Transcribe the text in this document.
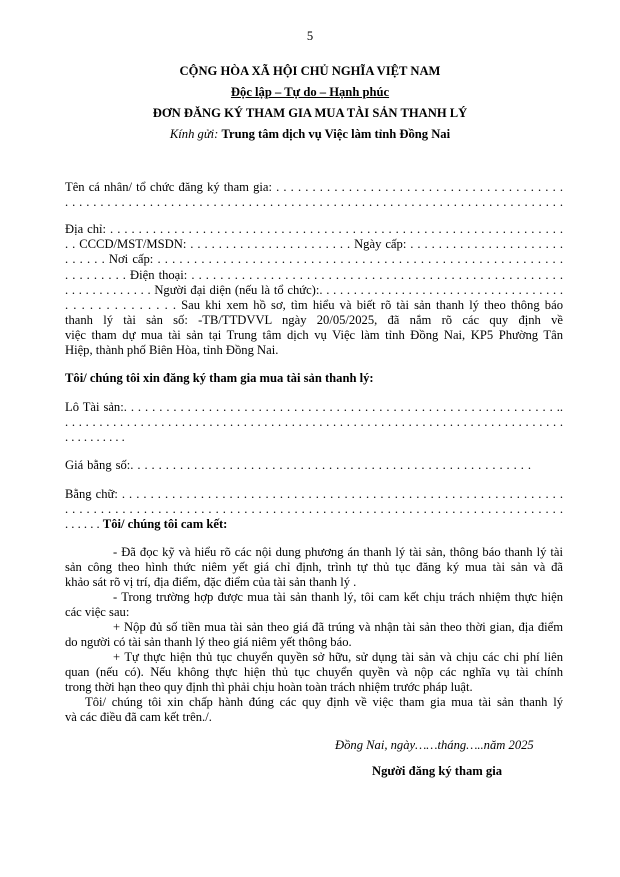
5
CỘNG HÒA XÃ HỘI CHỦ NGHĨA VIỆT NAM
Độc lập – Tự do – Hạnh phúc
ĐƠN ĐĂNG KÝ THAM GIA MUA TÀI SẢN THANH LÝ
Kính gửi: Trung tâm dịch vụ Việc làm tỉnh Đồng Nai
Tên cá nhân/ tổ chức đăng ký tham gia: . . . . . . . . . . . . . . . . . . . . . . . . . . . . . . . . . . . . . . . .
. . . . . . . . . . . . . . . . . . . . . . . . . . . . . . . . . . . . . . . . . . . . . . . . . . . . . . . . . . . . . . . . . . . . . . .
Địa chỉ: . . . . . . . . . . . . . . . . . . . . . . . . . . . . . . . . . . . . . . . . . . . . . . . . . . . . . . . . . . . . . . . .
. . CCCD/MST/MSDN: . . . . . . . . . . . . . . . . . . . . . . . Ngày cấp: . . . . . . . . . . . . . . . . . . . . . .
. . . . . . Nơi cấp: . . . . . . . . . . . . . . . . . . . . . . . . . . . . . . . . . . . . . . . . . . . . . . . . . . . . . . . .
. . . . . . . . . Điện thoại: . . . . . . . . . . . . . . . . . . . . . . . . . . . . . . . . . . . . . . . . . . . . . . . . . . . .
. . . . . . . . . . . . . Người đại diện (nếu là tổ chức):. . . . . . . . . . . . . . . . . . . . . . . . . . . . . . . . . . . .
. . . . . . . . . . . . . . Sau khi xem hồ sơ, tìm hiểu và biết rõ tài sản thanh lý theo thông báo
thanh lý tài sản số: -TB/TTDVVL ngày 20/05/2025, đã nắm rõ các quy định về
việc tham dự mua tài sản tại Trung tâm dịch vụ Việc làm tỉnh Đồng Nai, KP5 Phường Tân
Hiệp, thành phố Biên Hòa, tỉnh Đồng Nai.
Tôi/ chúng tôi xin đăng ký tham gia mua tài sản thanh lý:
Lô Tài sản:. . . . . . . . . . . . . . . . . . . . . . . . . . . . . . . . . . . . . . . . . . . . . . . . . . . . . . . . . . . . . ..
. . . . . . . . . . . . . . . . . . . . . . . . . . . . . . . . . . . . . . . . . . . . . . . . . . . . . . . . . . . . . . . . . . . . . . . . .
. . . . . . . . . .
Giá bằng số:. . . . . . . . . . . . . . . . . . . . . . . . . . . . . . . . . . . . . . . . . . . . . . . . . . . . . . . . .
Bằng chữ: . . . . . . . . . . . . . . . . . . . . . . . . . . . . . . . . . . . . . . . . . . . . . . . . . . . . . . . . . . . . . .
. . . . . . . . . . . . . . . . . . . . . . . . . . . . . . . . . . . . . . . . . . . . . . . . . . . . . . . . . . . . . . . . . . . . . .
. . . . . . Tôi/ chúng tôi cam kết:
- Đã đọc kỹ và hiểu rõ các nội dung phương án thanh lý tài sản, thông báo thanh lý tài
sản công theo hình thức niêm yết giá chỉ định, trình tự thủ tục đăng ký mua tài sản và đã
khảo sát rõ vị trí, địa điểm, đặc điểm của tài sản thanh lý .
- Trong trường hợp được mua tài sản thanh lý, tôi cam kết chịu trách nhiệm thực hiện
các việc sau:
+ Nộp đủ số tiền mua tài sản theo giá đã trúng và nhận tài sản theo thời gian, địa điểm
do người có tài sản thanh lý theo giá niêm yết thông báo.
+ Tự thực hiện thủ tục chuyển quyền sở hữu, sử dụng tài sản và chịu các chi phí liên
quan (nếu có). Nếu không thực hiện thủ tục chuyển quyền và nộp các nghĩa vụ tài chính
trong thời hạn theo quy định thì phải chịu hoàn toàn trách nhiệm trước pháp luật.
Tôi/ chúng tôi xin chấp hành đúng các quy định về việc tham gia mua tài sản thanh lý
và các điều đã cam kết trên./.
Đồng Nai, ngày……tháng…..năm 2025
Người đăng ký tham gia
